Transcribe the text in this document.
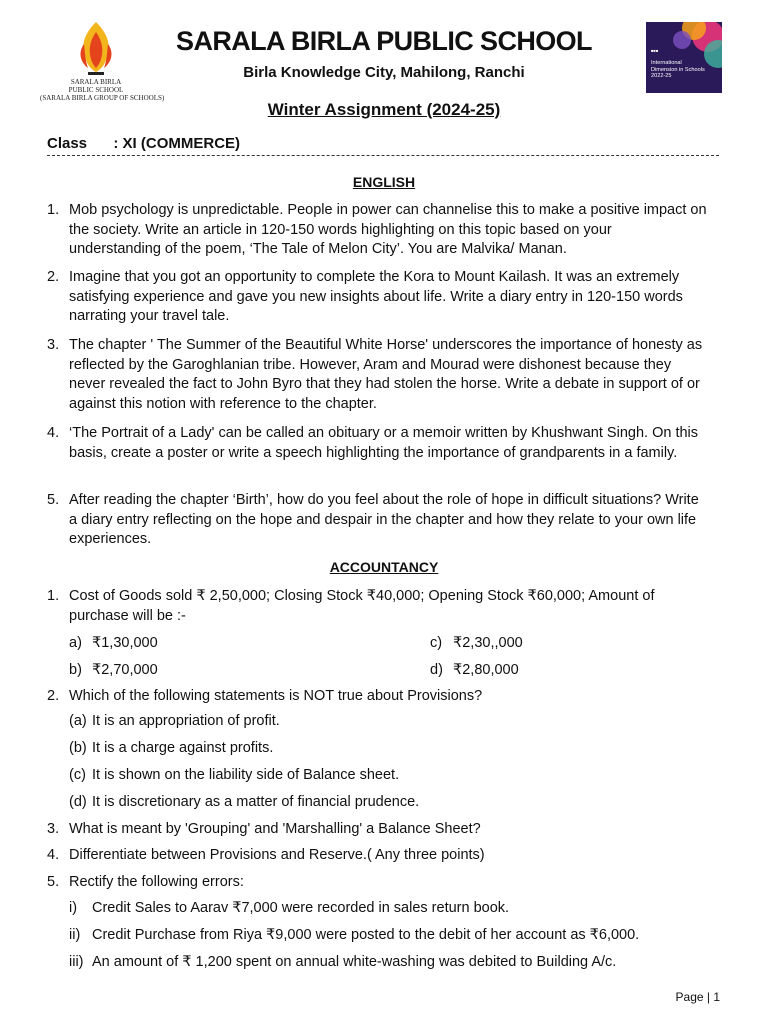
SARALA BIRLA
PUBLIC SCHOOL
(SARALA BIRLA GROUP OF SCHOOLS)
SARALA BIRLA PUBLIC SCHOOL
Birla Knowledge City, Mahilong, Ranchi
Winter Assignment (2024-25)
■■■
International
Dimension in Schools
2022-25
Class : XI (COMMERCE)
ENGLISH
1. Mob psychology is unpredictable. People in power can channelise this to make a positive impact on the society. Write an article in 120-150 words highlighting on this topic based on your understanding of the poem, ‘The Tale of Melon City’. You are Malvika/ Manan.
2. Imagine that you got an opportunity to complete the Kora to Mount Kailash. It was an extremely satisfying experience and gave you new insights about life. Write a diary entry in 120-150 words narrating your travel tale.
3. The chapter ' The Summer of the Beautiful White Horse' underscores the importance of honesty as reflected by the Garoghlanian tribe. However, Aram and Mourad were dishonest because they never revealed the fact to John Byro that they had stolen the horse. Write a debate in support of or against this notion with reference to the chapter.
4. ‘The Portrait of a Lady' can be called an obituary or a memoir written by Khushwant Singh. On this basis, create a poster or write a speech highlighting the importance of grandparents in a family.
5. After reading the chapter ‘Birth’, how do you feel about the role of hope in difficult situations? Write a diary entry reflecting on the hope and despair in the chapter and how they relate to your own life experiences.
ACCOUNTANCY
1. Cost of Goods sold ₹ 2,50,000; Closing Stock ₹40,000; Opening Stock ₹60,000; Amount of purchase will be :-
a) ₹1,30,000	c) ₹2,30,,000
b) ₹2,70,000	d) ₹2,80,000
2. Which of the following statements is NOT true about Provisions?
(a) It is an appropriation of profit.
(b) It is a charge against profits.
(c) It is shown on the liability side of Balance sheet.
(d) It is discretionary as a matter of financial prudence.
3. What is meant by 'Grouping' and 'Marshalling' a Balance Sheet?
4. Differentiate between Provisions and Reserve.( Any three points)
5. Rectify the following errors:
i) Credit Sales to Aarav ₹7,000 were recorded in sales return book.
ii) Credit Purchase from Riya ₹9,000 were posted to the debit of her account as ₹6,000.
iii) An amount of ₹ 1,200 spent on annual white-washing was debited to Building A/c.
Page | 1
